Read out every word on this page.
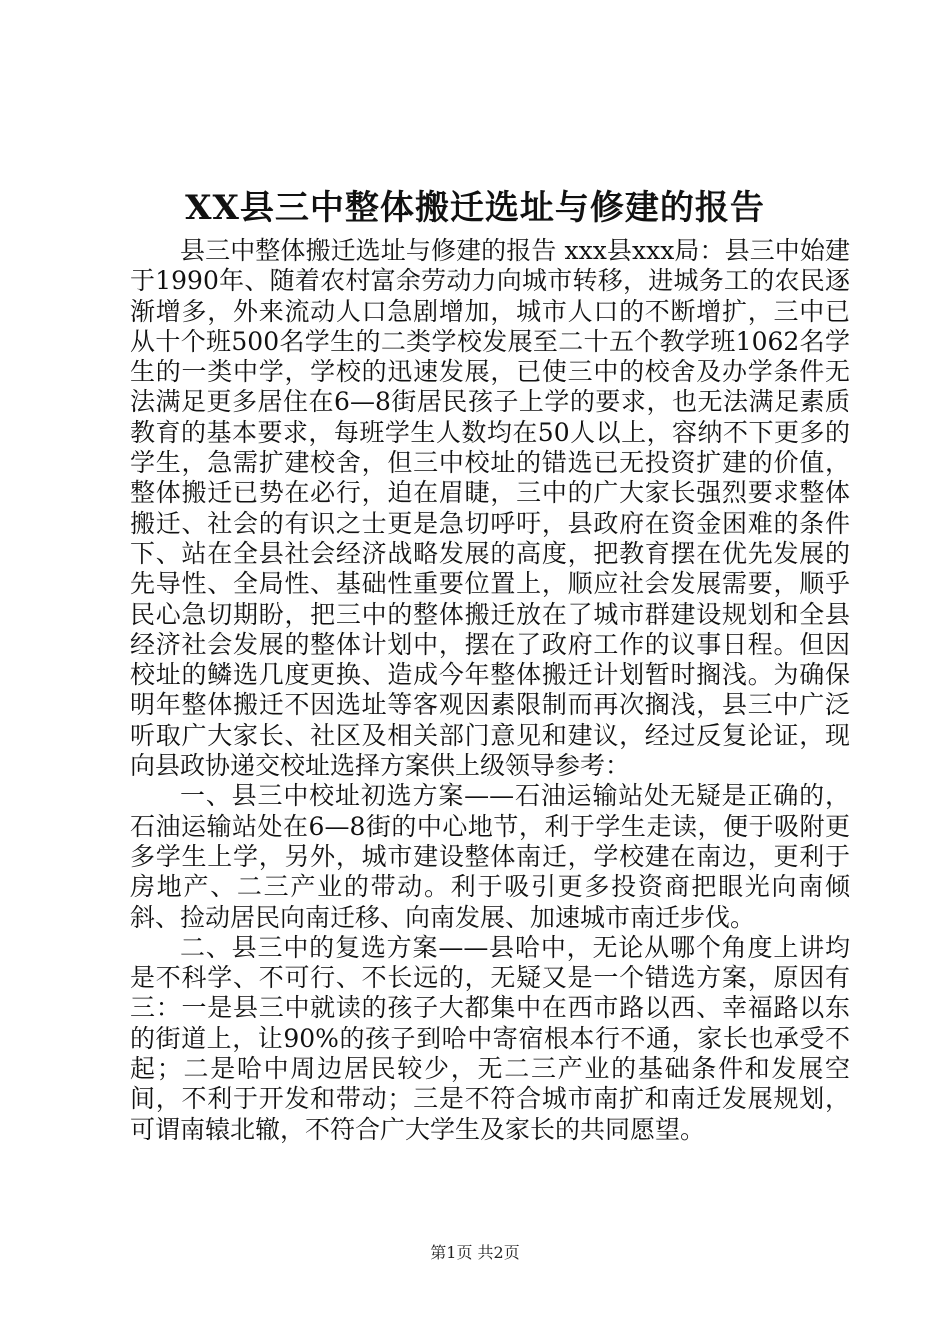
XX县三中整体搬迁选址与修建的报告

县三中整体搬迁选址与修建的报告 xxx县xxx局：县三中始建于1990年、随着农村富余劳动力向城市转移，进城务工的农民逐渐增多，外来流动人口急剧增加，城市人口的不断增扩，三中已从十个班500名学生的二类学校发展至二十五个教学班1062名学生的一类中学，学校的迅速发展，已使三中的校舍及办学条件无法满足更多居住在6—8街居民孩子上学的要求，也无法满足素质教育的基本要求，每班学生人数均在50人以上，容纳不下更多的学生，急需扩建校舍，但三中校址的错选已无投资扩建的价值，整体搬迁已势在必行，迫在眉睫，三中的广大家长强烈要求整体搬迁、社会的有识之士更是急切呼吁，县政府在资金困难的条件下、站在全县社会经济战略发展的高度，把教育摆在优先发展的先导性、全局性、基础性重要位置上，顺应社会发展需要，顺乎民心急切期盼，把三中的整体搬迁放在了城市群建设规划和全县经济社会发展的整体计划中，摆在了政府工作的议事日程。但因校址的鳞选几度更换、造成今年整体搬迁计划暂时搁浅。为确保明年整体搬迁不因选址等客观因素限制而再次搁浅，县三中广泛听取广大家长、社区及相关部门意见和建议，经过反复论证，现向县政协递交校址选择方案供上级领导参考：

一、县三中校址初选方案——石油运输站处无疑是正确的，石油运输站处在6—8街的中心地节，利于学生走读，便于吸附更多学生上学，另外，城市建设整体南迁，学校建在南边，更利于房地产、二三产业的带动。利于吸引更多投资商把眼光向南倾斜、捡动居民向南迁移、向南发展、加速城市南迁步伐。

二、县三中的复选方案——县哈中，无论从哪个角度上讲均是不科学、不可行、不长远的，无疑又是一个错选方案，原因有三：一是县三中就读的孩子大都集中在西市路以西、幸福路以东的街道上，让90%的孩子到哈中寄宿根本行不通，家长也承受不起；二是哈中周边居民较少，无二三产业的基础条件和发展空间，不利于开发和带动；三是不符合城市南扩和南迁发展规划，可谓南辕北辙，不符合广大学生及家长的共同愿望。

第1页 共2页
